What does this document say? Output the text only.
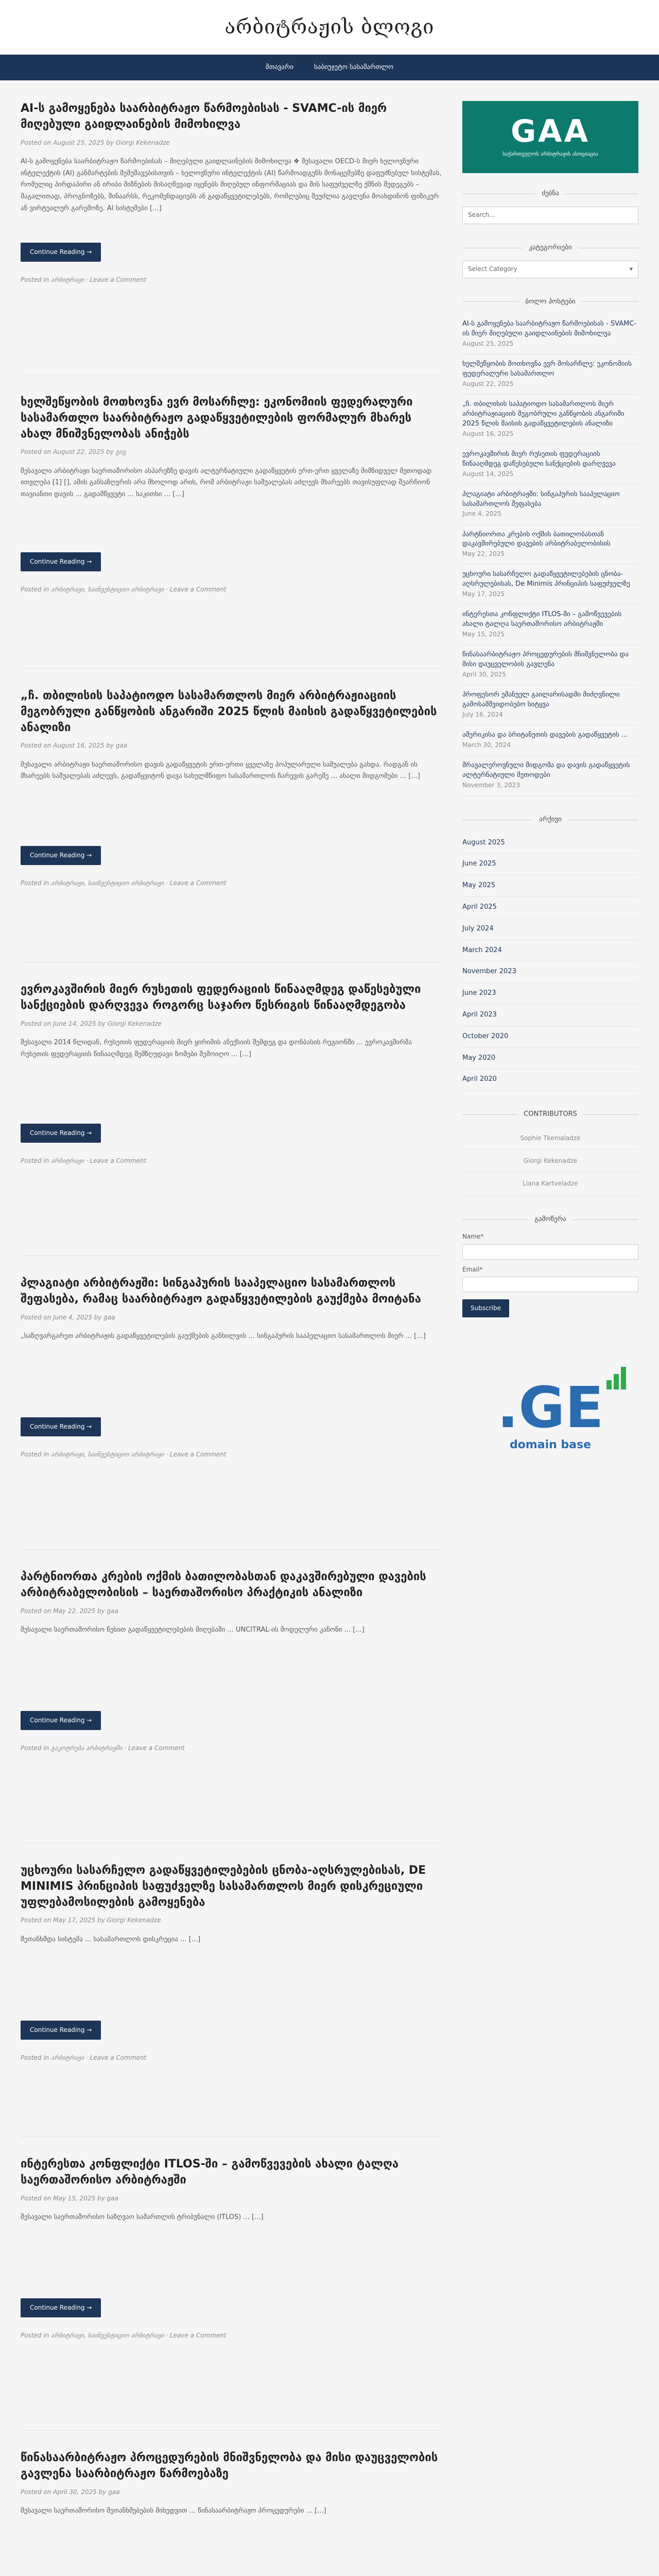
არბიტრაჟის ბლოგი
მთავარი	საბიუჯეტო სასამართლო
AI-ს გამოყენება საარბიტრაჟო წარმოებისას - SVAMC-ის მიერ მიღებული გაიდლაინების მიმოხილვა
Posted on August 25, 2025 by Giorgi Kekenadze

AI-ს გამოყენება საარბიტრაჟო წარმოებისას – მიღებული გაიდლაინების მიმოხილვა ❖ შესავალი OECD-ს მიერ ხელოვნური ინტელექტის (AI) განმარტების შემუშავებისთვის – ხელოვნური ინტელექტის (AI) წარმოადგენს მონაცემებზე დაფუძნებულ სისტემას, რომელიც პირდაპირი ან ირიბი მიზნების მისაღწევად იყენებს მიღებულ ინფორმაციას და მის საფუძველზე ქმნის შედეგებს – მაგალითად, პროგნოზებს, შინაარსს, რეკომენდაციებს ან გადაწყვეტილებებს, რომლებიც შეუძლია გავლენა მოახდინონ ფიზიკურ ან ვირტუალურ გარემოზე. AI სისტემები [...]

Continue Reading →
Posted in არბიტრაჟი · Leave a Comment
ხელშეწყობის მოთხოვნა ევრ მოსარჩლე: ეკონომიის ფედერალური სასამართლო საარბიტრაჟო გადაწყვეტილების ფორმალურ მხარეს ახალ მნიშვნელობას ანიჭებს
Posted on August 22, 2025 by გიგ

შესავალი არბიტრაჟი საერთაშორისო ასპარეზზე დავის ალტერნატიული გადაწყვეტის ერთ-ერთ ყველაზე მიმზიდველ მეთოდად ითვლება [1] [], ამის განსაზღვრის არა მხოლოდ არის, რომ არბიტრაჟი საშუალებას აძლევს მხარეებს თავისუფლად შეარჩიონ თავიანთი დავის ... გადამწყვეტი ... საკითხი ... [...]

Continue Reading →
Posted in არბიტრაჟი, საინვესტიციო არბიტრაჟი · Leave a Comment
„ჩ. თბილისის საპატიოდო სასამართლოს მიერ არბიტრაჟიაციის მეგობრული განწყობის ანგარიში 2025 წლის მაისის გადაწყვეტილების ანალიზი
Posted on August 16, 2025 by gaa

შესავალი არბიტრაჟი საერთაშორისო დავის გადაწყვეტის ერთ-ერთი ყველაზე პოპულარული საშუალება გახდა. რადგან ის მხარეებს საშუალებას აძლევს, გადაწყვიტონ დავა სახელმწიფო სასამართლოს ჩარევის გარეშე ... ახალი მიდგომები ... [...]

Continue Reading →
Posted in არბიტრაჟი, საინვესტიციო არბიტრაჟი · Leave a Comment
ევროკავშირის მიერ რუსეთის ფედერაციის წინააღმდეგ დაწესებული სანქციების დარღვევა როგორც საჯარო წესრიგის წინააღმდეგობა
Posted on June 14, 2025 by Giorgi Kekenadze

შესავალი 2014 წლიდან, რუსეთის ფედერაციის მიერ ყირიმის ანექსიის შემდეგ და დონბასის რეგიონში ... ევროკავშირმა რუსეთის ფედერაციის წინააღმდეგ შემზღუდავი ზომები შემოიღო ... [...]

Continue Reading →
Posted in არბიტრაჟი · Leave a Comment
პლაგიატი არბიტრაჟში: სინგაპურის სააპელაციო სასამართლოს შეფასება, რამაც საარბიტრაჟო გადაწყვეტილების გაუქმება მოიტანა
Posted on June 4, 2025 by gaa

„საზღვარგარეთ არბიტრაჟის გადაწყვეტილების გაუქმების განხილვის ... სინგაპურის სააპელაციო სასამართლოს მიერ ... [...]

Continue Reading →
Posted in არბიტრაჟი, საინვესტიციო არბიტრაჟი · Leave a Comment
პარტნიორთა კრების ოქმის ბათილობასთან დაკავშირებული დავების არბიტრაბელობისის – საერთაშორისო პრაქტიკის ანალიზი
Posted on May 22, 2025 by gaa

შესავალი საერთაშორისო წესით გადაწყვეტილებების მიღებაში ... UNCITRAL-ის მოდელური კანონი ... [...]

Continue Reading →
Posted in გაკოტრება არბიტრაჟში · Leave a Comment
უცხოური სასარჩელო გადაწყვეტილებების ცნობა-აღსრულებისას, DE MINIMIS პრინციპის საფუძველზე სასამართლოს მიერ დისკრეციული უფლებამოსილების გამოყენება
Posted on May 17, 2025 by Giorgi Kekenadze

შეთანხმდა სისტემა ... სასამართლოს დისკრეცია ... [...]

Continue Reading →
Posted in არბიტრაჟი · Leave a Comment
ინტერესთა კონფლიქტი ITLOS-ში – გამოწვევების ახალი ტალღა საერთაშორისო არბიტრაჟში
Posted on May 15, 2025 by gaa

შესავალი საერთაშორისო საზღვაო სამართლის ტრიბუნალი (ITLOS) ... [...]

Continue Reading →
Posted in არბიტრაჟი, საინვესტიციო არბიტრაჟი · Leave a Comment
წინასაარბიტრაჟო პროცედურების მნიშვნელობა და მისი დაუცველობის გავლენა საარბიტრაჟო წარმოებაზე
Posted on April 30, 2025 by gaa

შესავალი საერთაშორისო შეთანხმებების მიხედვით ... წინასაარბიტრაჟო პროცედურები ... [...]

GAA
საქართველოს არბიტრაჟის ასოციაცია
ძებნა
Search...
კატეგორიები
Select Category	▾
ბოლო პოსტები
AI-ს გამოყენება საარბიტრაჟო წარმოებისას - SVAMC-ის მიერ მიღებული გაიდლაინების მიმოხილვა
August 25, 2025
ხელშეწყობის მოთხოვნა ევრ მოსარჩლე: ეკონომიის ფედერალური სასამართლო
August 22, 2025
„ჩ. თბილისის საპატიოდო სასამართლოს მიერ არბიტრაჟიაციის მეგობრული განწყობის ანგარიში 2025 წლის მაისის გადაწყვეტილების ანალიზი
August 16, 2025
ევროკავშირის მიერ რუსეთის ფედერაციის წინააღმდეგ დაწესებული სანქციების დარღვევა
August 14, 2025
პლაგიატი არბიტრაჟში: სინგაპურის სააპელაციო სასამართლოს შეფასება
June 4, 2025
პარტნიორთა კრების ოქმის ბათილობასთან დაკავშირებული დავების არბიტრაბელობისის
May 22, 2025
უცხოური სასარჩელო გადაწყვეტილებების ცნობა-აღსრულებისას, De Minimis პრინციპის საფუძველზე
May 17, 2025
ინტერესთა კონფლიქტი ITLOS-ში – გამოწვევების ახალი ტალღა საერთაშორისო არბიტრაჟში
May 15, 2025
წინასაარბიტრაჟო პროცედურების მნიშვნელობა და მისი დაუცველობის გავლენა
April 30, 2025
პროფესორ ემანუელ გაილარისადმი მიძღვნილი გამოსამშვიდობებო სიტყვა
July 16, 2024
ამერიკისა და ბრიტანეთის დავების გადაწყვეტის ...
March 30, 2024
მრავალეროვნული მიდგომა და დავის გადაწყვეტის ალტერნატიული მეთოდები
November 3, 2023
არქივი
August 2025
June 2025
May 2025
April 2025
July 2024
March 2024
November 2023
June 2023
April 2023
October 2020
May 2020
April 2020
CONTRIBUTORS
Sophie Tkemaladze
Giorgi Kekenadze
Liana Kartveladze
გამოწერა
Name*
Email*
Subscribe
.GE
domain base
